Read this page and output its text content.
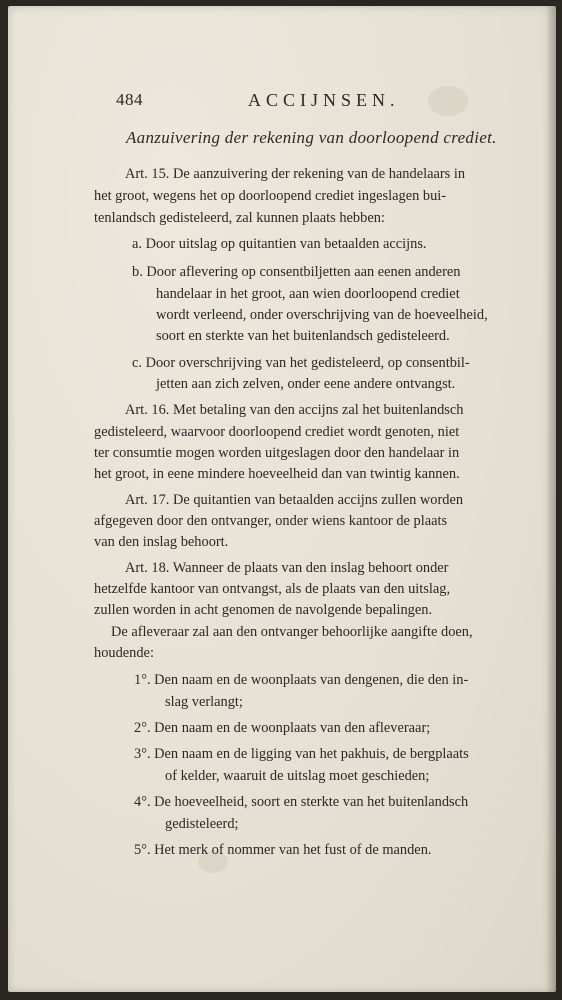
484	ACCIJNSEN.
Aanzuivering der rekening van doorloopend crediet.
Art. 15. De aanzuivering der rekening van de handelaars in
het groot, wegens het op doorloopend crediet ingeslagen bui-
tenlandsch gedisteleerd, zal kunnen plaats hebben:
a. Door uitslag op quitantien van betaalden accijns.
b. Door aflevering op consentbiljetten aan eenen anderen
handelaar in het groot, aan wien doorloopend crediet
wordt verleend, onder overschrijving van de hoeveelheid,
soort en sterkte van het buitenlandsch gedisteleerd.
c. Door overschrijving van het gedisteleerd, op consentbil-
jetten aan zich zelven, onder eene andere ontvangst.
Art. 16. Met betaling van den accijns zal het buitenlandsch
gedisteleerd, waarvoor doorloopend crediet wordt genoten, niet
ter consumtie mogen worden uitgeslagen door den handelaar in
het groot, in eene mindere hoeveelheid dan van twintig kannen.
Art. 17. De quitantien van betaalden accijns zullen worden
afgegeven door den ontvanger, onder wiens kantoor de plaats
van den inslag behoort.
Art. 18. Wanneer de plaats van den inslag behoort onder
hetzelfde kantoor van ontvangst, als de plaats van den uitslag,
zullen worden in acht genomen de navolgende bepalingen.
De afleveraar zal aan den ontvanger behoorlijke aangifte doen,
houdende:
1°. Den naam en de woonplaats van dengenen, die den in-
slag verlangt;
2°. Den naam en de woonplaats van den afleveraar;
3°. Den naam en de ligging van het pakhuis, de bergplaats
of kelder, waaruit de uitslag moet geschieden;
4°. De hoeveelheid, soort en sterkte van het buitenlandsch
gedisteleerd;
5°. Het merk of nommer van het fust of de manden.
